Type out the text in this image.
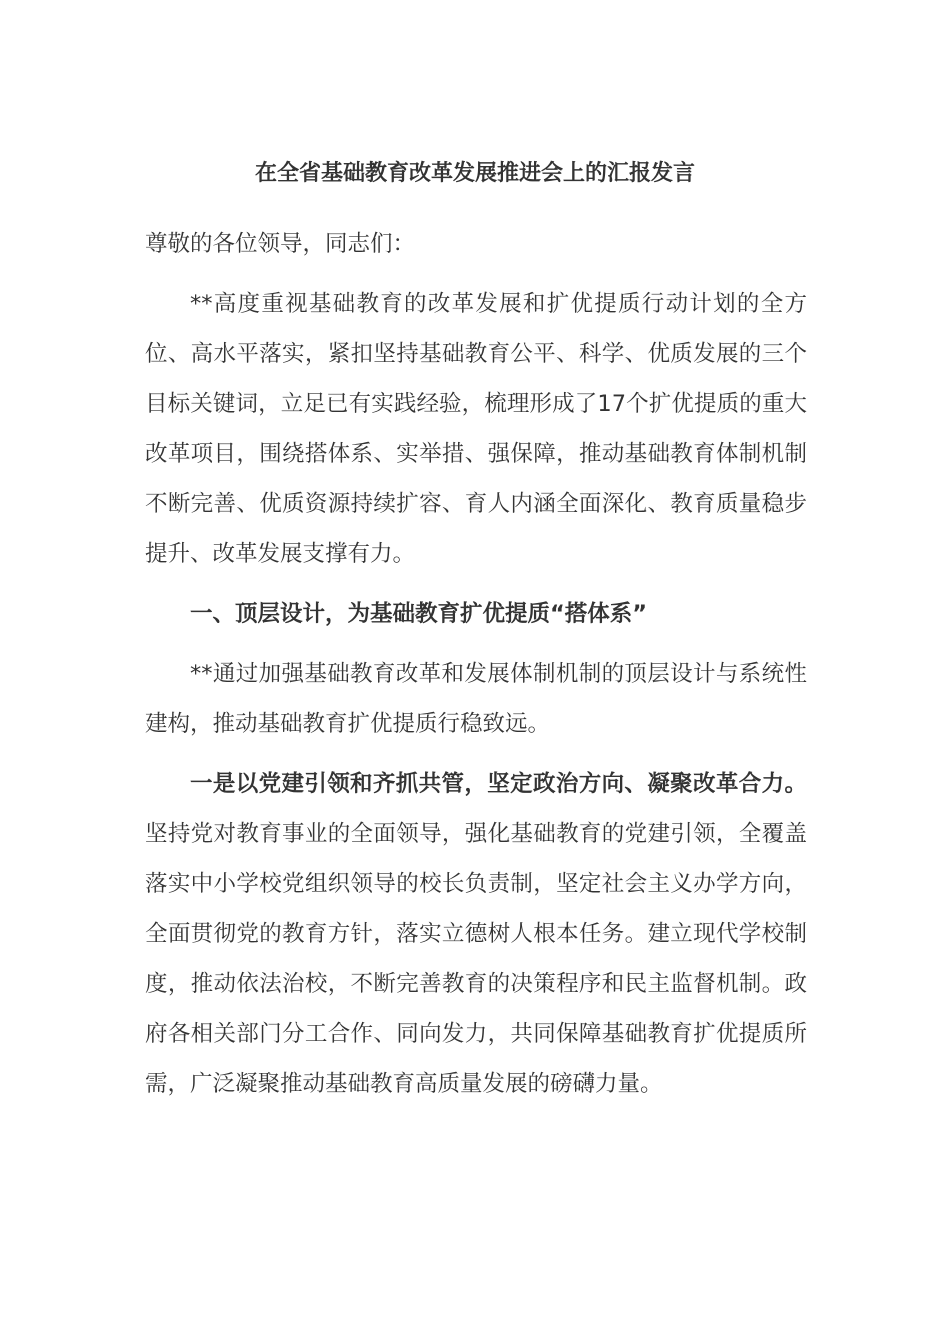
在全省基础教育改革发展推进会上的汇报发言

尊敬的各位领导，同志们：

**高度重视基础教育的改革发展和扩优提质行动计划的全方位、高水平落实，紧扣坚持基础教育公平、科学、优质发展的三个目标关键词，立足已有实践经验，梳理形成了17个扩优提质的重大改革项目，围绕搭体系、实举措、强保障，推动基础教育体制机制不断完善、优质资源持续扩容、育人内涵全面深化、教育质量稳步提升、改革发展支撑有力。

一、顶层设计，为基础教育扩优提质“搭体系”

**通过加强基础教育改革和发展体制机制的顶层设计与系统性建构，推动基础教育扩优提质行稳致远。

一是以党建引领和齐抓共管，坚定政治方向、凝聚改革合力。坚持党对教育事业的全面领导，强化基础教育的党建引领，全覆盖落实中小学校党组织领导的校长负责制，坚定社会主义办学方向，全面贯彻党的教育方针，落实立德树人根本任务。建立现代学校制度，推动依法治校，不断完善教育的决策程序和民主监督机制。政府各相关部门分工合作、同向发力，共同保障基础教育扩优提质所需，广泛凝聚推动基础教育高质量发展的磅礴力量。
